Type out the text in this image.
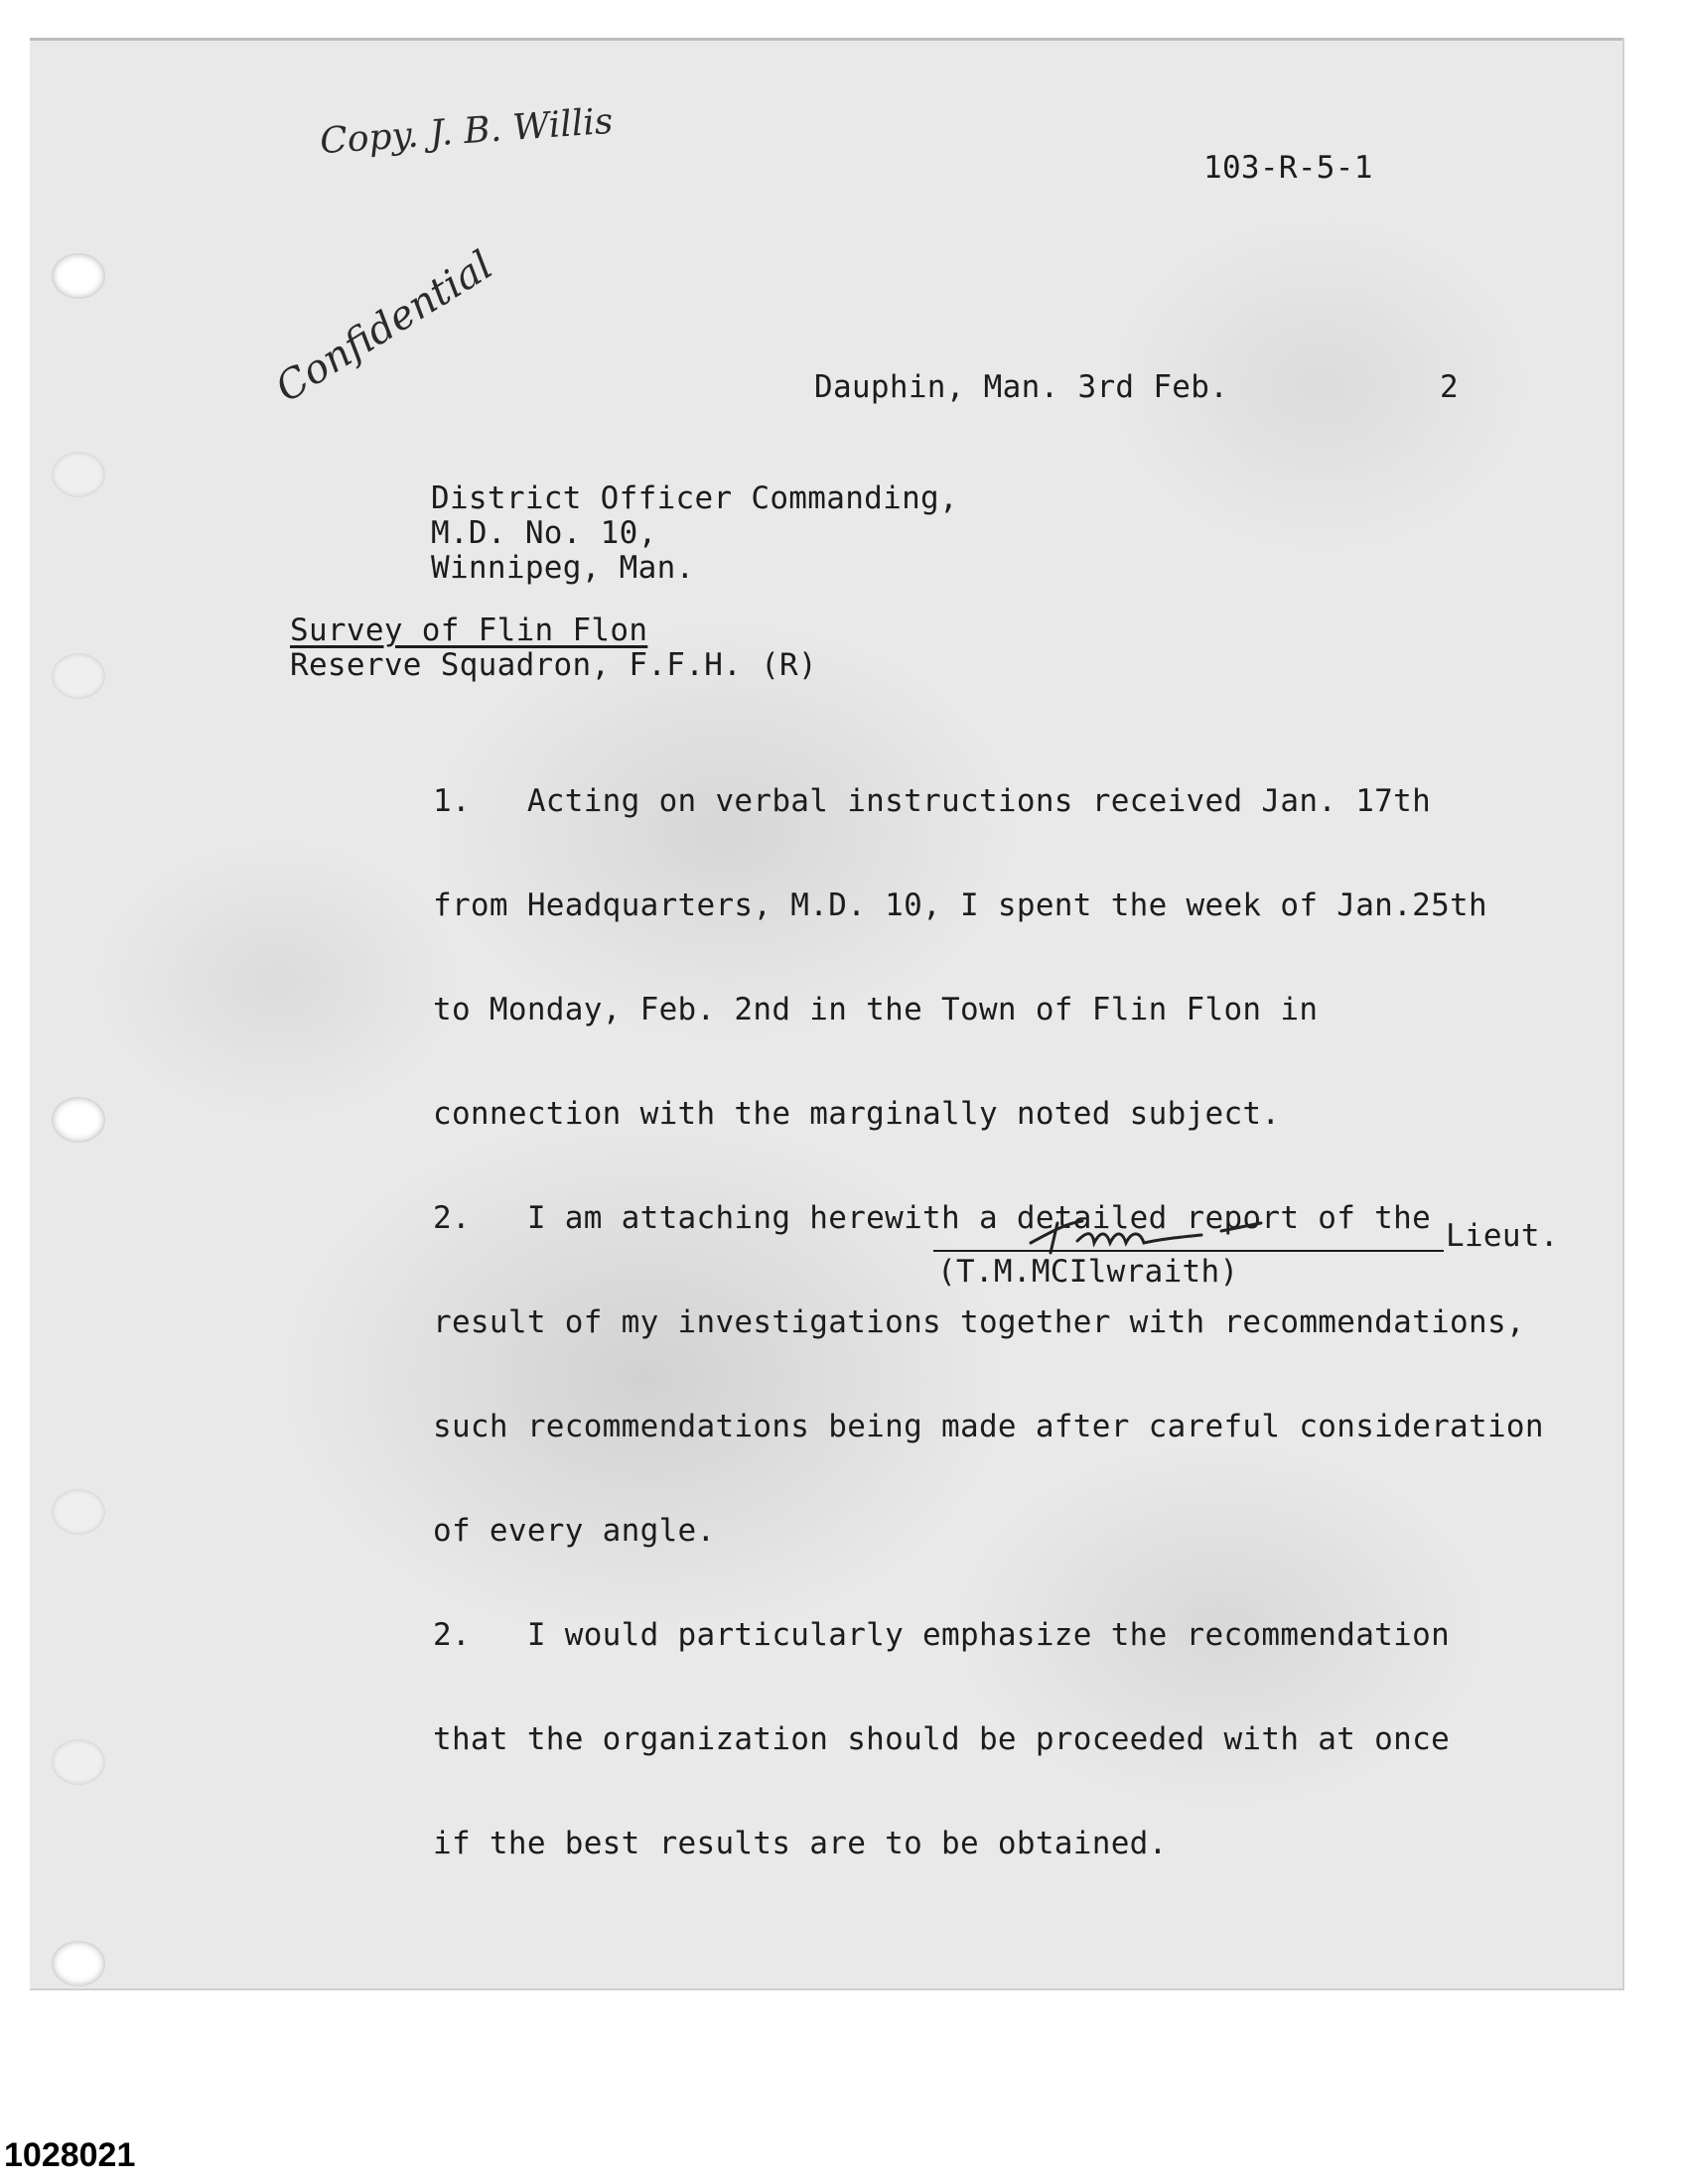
Copy. J. B. Willis
103-R-5-1
Confidential	Dauphin, Man. 3rd Feb.	2
District Officer Commanding,
M.D. No. 10,
Winnipeg, Man.
Survey of Flin Flon
Reserve Squadron, F.F.H. (R)

1.   Acting on verbal instructions received Jan. 17th

from Headquarters, M.D. 10, I spent the week of Jan.25th

to Monday, Feb. 2nd in the Town of Flin Flon in

connection with the marginally noted subject.

2.   I am attaching herewith a detailed report of the

result of my investigations together with recommendations,

such recommendations being made after careful consideration

of every angle.

2.   I would particularly emphasize the recommendation

that the organization should be proceeded with at once

if the best results are to be obtained.

Lieut.
(T.M.MCIlwraith)
1028021
